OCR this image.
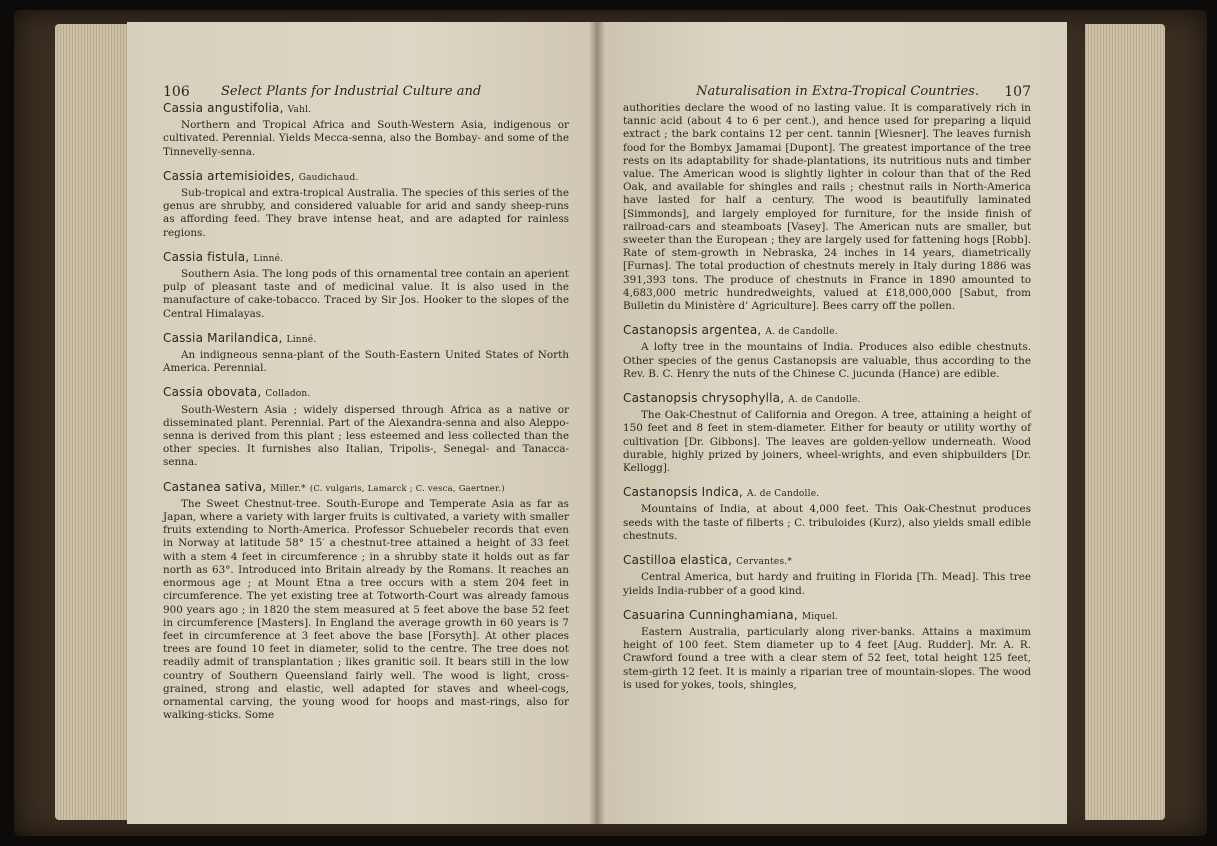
106 Select Plants for Industrial Culture and
Cassia angustifolia, Vahl.

Northern and Tropical Africa and South-Western Asia, indigenous or cultivated. Perennial. Yields Mecca-senna, also the Bombay- and some of the Tinnevelly-senna.

Cassia artemisioides, Gaudichaud.

Sub-tropical and extra-tropical Australia. The species of this series of the genus are shrubby, and considered valuable for arid and sandy sheep-runs as affording feed. They brave intense heat, and are adapted for rainless regions.

Cassia fistula, Linné.

Southern Asia. The long pods of this ornamental tree contain an aperient pulp of pleasant taste and of medicinal value. It is also used in the manufacture of cake-tobacco. Traced by Sir Jos. Hooker to the slopes of the Central Himalayas.

Cassia Marilandica, Linné.

An indigneous senna-plant of the South-Eastern United States of North America. Perennial.

Cassia obovata, Colladon.

South-Western Asia ; widely dispersed through Africa as a native or disseminated plant. Perennial. Part of the Alexandra-senna and also Aleppo-senna is derived from this plant ; less esteemed and less collected than the other species. It furnishes also Italian, Tripolis-, Senegal- and Tanacca-senna.

Castanea sativa, Miller.* (C. vulgaris, Lamarck ; C. vesca, Gaertner.)

The Sweet Chestnut-tree. South-Europe and Temperate Asia as far as Japan, where a variety with larger fruits is cultivated, a variety with smaller fruits extending to North-America. Professor Schuebeler records that even in Norway at latitude 58° 15′ a chestnut-tree attained a height of 33 feet with a stem 4 feet in circumference ; in a shrubby state it holds out as far north as 63°. Introduced into Britain already by the Romans. It reaches an enormous age ; at Mount Etna a tree occurs with a stem 204 feet in circumference. The yet existing tree at Totworth-Court was already famous 900 years ago ; in 1820 the stem measured at 5 feet above the base 52 feet in circumference [Masters]. In England the average growth in 60 years is 7 feet in circumference at 3 feet above the base [Forsyth]. At other places trees are found 10 feet in diameter, solid to the centre. The tree does not readily admit of transplantation ; likes granitic soil. It bears still in the low country of Southern Queensland fairly well. The wood is light, cross-grained, strong and elastic, well adapted for staves and wheel-cogs, ornamental carving, the young wood for hoops and mast-rings, also for walking-sticks. Some

Naturalisation in Extra-Tropical Countries. 107

authorities declare the wood of no lasting value. It is comparatively rich in tannic acid (about 4 to 6 per cent.), and hence used for preparing a liquid extract ; the bark contains 12 per cent. tannin [Wiesner]. The leaves furnish food for the Bombyx Jamamai [Dupont]. The greatest importance of the tree rests on its adaptability for shade-plantations, its nutritious nuts and timber value. The American wood is slightly lighter in colour than that of the Red Oak, and available for shingles and rails ; chestnut rails in North-America have lasted for half a century. The wood is beautifully laminated [Simmonds], and largely employed for furniture, for the inside finish of railroad-cars and steamboats [Vasey]. The American nuts are smaller, but sweeter than the European ; they are largely used for fattening hogs [Robb]. Rate of stem-growth in Nebraska, 24 inches in 14 years, diametrically [Furnas]. The total production of chestnuts merely in Italy during 1886 was 391,393 tons. The produce of chestnuts in France in 1890 amounted to 4,683,000 metric hundredweights, valued at £18,000,000 [Sabut, from Bulletin du Ministère d’ Agriculture]. Bees carry off the pollen.

Castanopsis argentea, A. de Candolle.

A lofty tree in the mountains of India. Produces also edible chestnuts. Other species of the genus Castanopsis are valuable, thus according to the Rev. B. C. Henry the nuts of the Chinese C. jucunda (Hance) are edible.

Castanopsis chrysophylla, A. de Candolle.

The Oak-Chestnut of California and Oregon. A tree, attaining a height of 150 feet and 8 feet in stem-diameter. Either for beauty or utility worthy of cultivation [Dr. Gibbons]. The leaves are golden-yellow underneath. Wood durable, highly prized by joiners, wheel-wrights, and even shipbuilders [Dr. Kellogg].

Castanopsis Indica, A. de Candolle.

Mountains of India, at about 4,000 feet. This Oak-Chestnut produces seeds with the taste of filberts ; C. tribuloides (Kurz), also yields small edible chestnuts.

Castilloa elastica, Cervantes.*

Central America, but hardy and fruiting in Florida [Th. Mead]. This tree yields India-rubber of a good kind.

Casuarina Cunninghamiana, Miquel.

Eastern Australia, particularly along river-banks. Attains a maximum height of 100 feet. Stem diameter up to 4 feet [Aug. Rudder]. Mr. A. R. Crawford found a tree with a clear stem of 52 feet, total height 125 feet, stem-girth 12 feet. It is mainly a riparian tree of mountain-slopes. The wood is used for yokes, tools, shingles,
